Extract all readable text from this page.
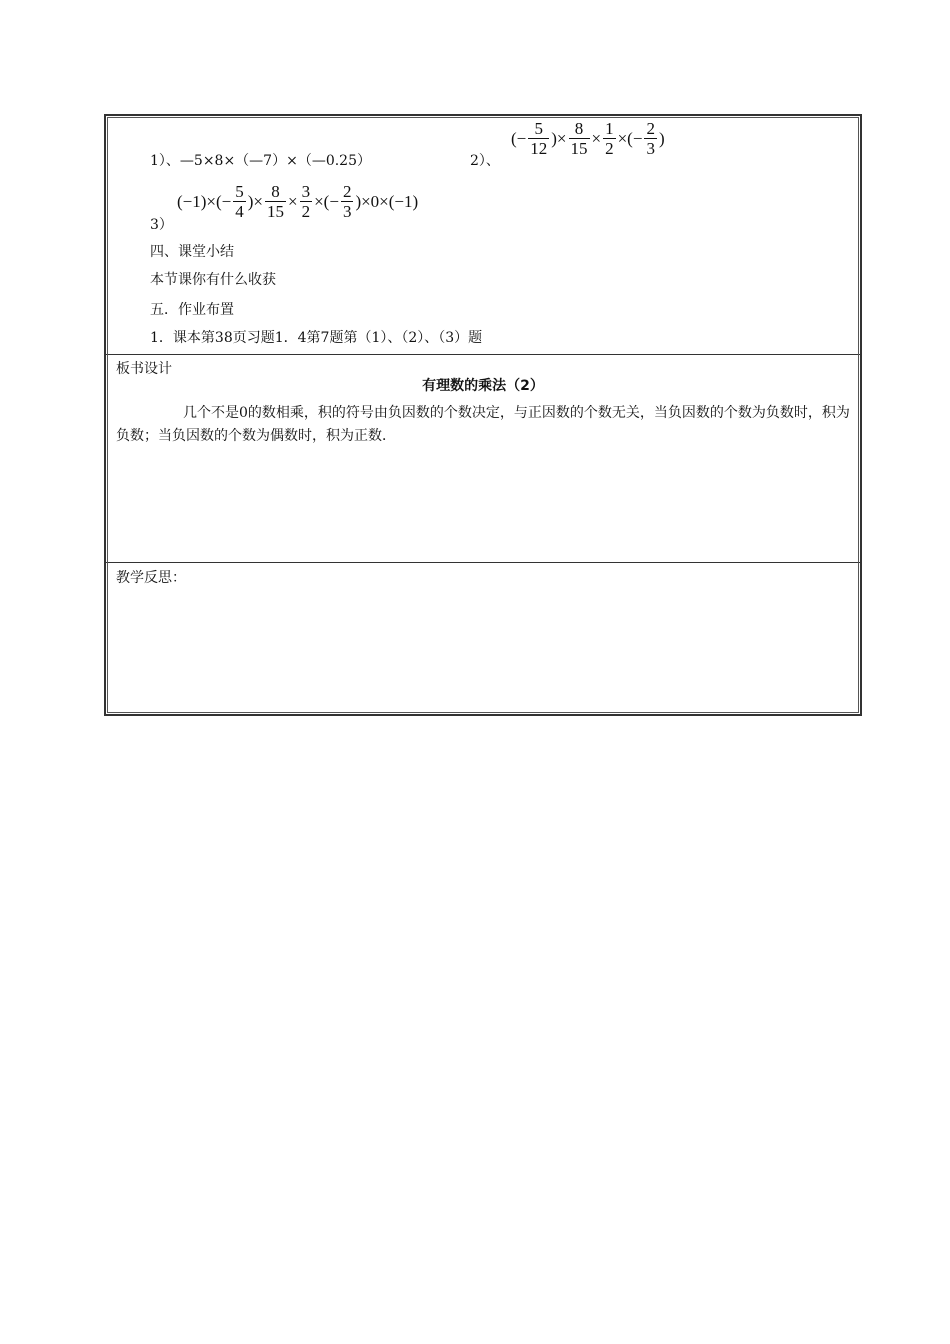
1）、—5×8×（—7）×（—0.25）	2）、
(− $\frac{5}{12}$ )× $\frac{8}{15} \times \frac{1}{2}$ ×(− $\frac{2}{3}$ )
3）
$(-1)\times(- \frac{5}{4}$ )× $\frac{8}{15} \times \frac{3}{2}$ ×(− $\frac{2}{3} )\times 0\times(-1)$
四、课堂小结
本节课你有什么收获
五．作业布置
1．课本第38页习题1．4第7题第（1）、（2）、（3）题
板书设计
有理数的乘法（2）
几个不是0的数相乘，积的符号由负因数的个数决定，与正因数的个数无关，当负因数的个数为负数时，积为负数；当负因数的个数为偶数时，积为正数．
教学反思：
